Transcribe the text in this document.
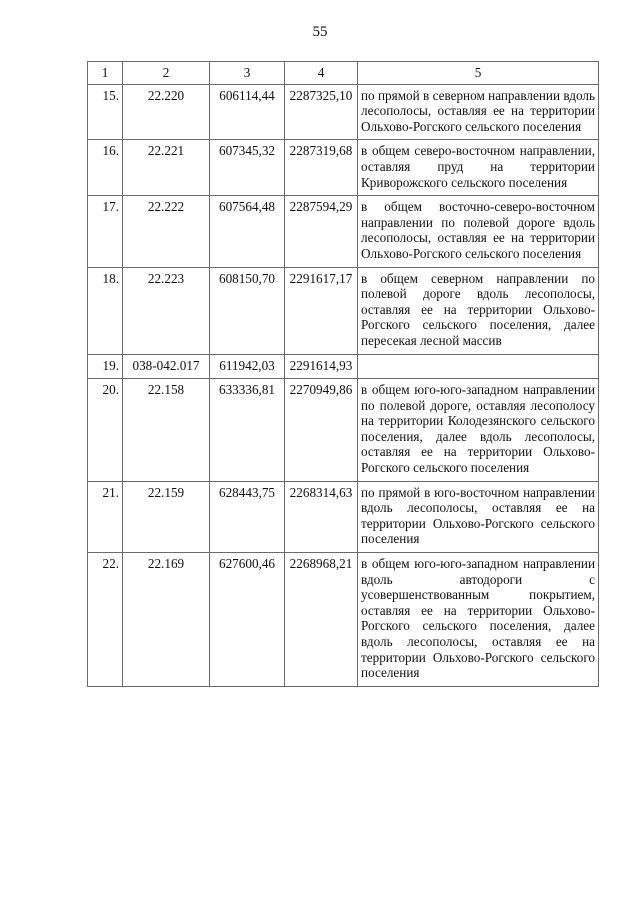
55
1	2	3	4	5
15.	22.220	606114,44	2287325,10	по прямой в северном направлении вдоль лесополосы, оставляя ее на территории Ольхово-Рогского сельского поселения
16.	22.221	607345,32	2287319,68	в общем северо-восточном направлении, оставляя пруд на территории Криворожского сельского поселения
17.	22.222	607564,48	2287594,29	в общем восточно-северо-восточном направлении по полевой дороге вдоль лесополосы, оставляя ее на территории Ольхово-Рогского сельского поселения
18.	22.223	608150,70	2291617,17	в общем северном направлении по полевой дороге вдоль лесополосы, оставляя ее на территории Ольхово-Рогского сельского поселения, далее пересекая лесной массив
19.	038-042.017	611942,03	2291614,93	
20.	22.158	633336,81	2270949,86	в общем юго-юго-западном направлении по полевой дороге, оставляя лесополосу на территории Колодезянского сельского поселения, далее вдоль лесополосы, оставляя ее на территории Ольхово-Рогского сельского поселения
21.	22.159	628443,75	2268314,63	по прямой в юго-восточном направлении вдоль лесополосы, оставляя ее на территории Ольхово-Рогского сельского поселения
22.	22.169	627600,46	2268968,21	в общем юго-юго-западном направлении вдоль автодороги с усовершенствованным покрытием, оставляя ее на территории Ольхово-Рогского сельского поселения, далее вдоль лесополосы, оставляя ее на территории Ольхово-Рогского сельского поселения
